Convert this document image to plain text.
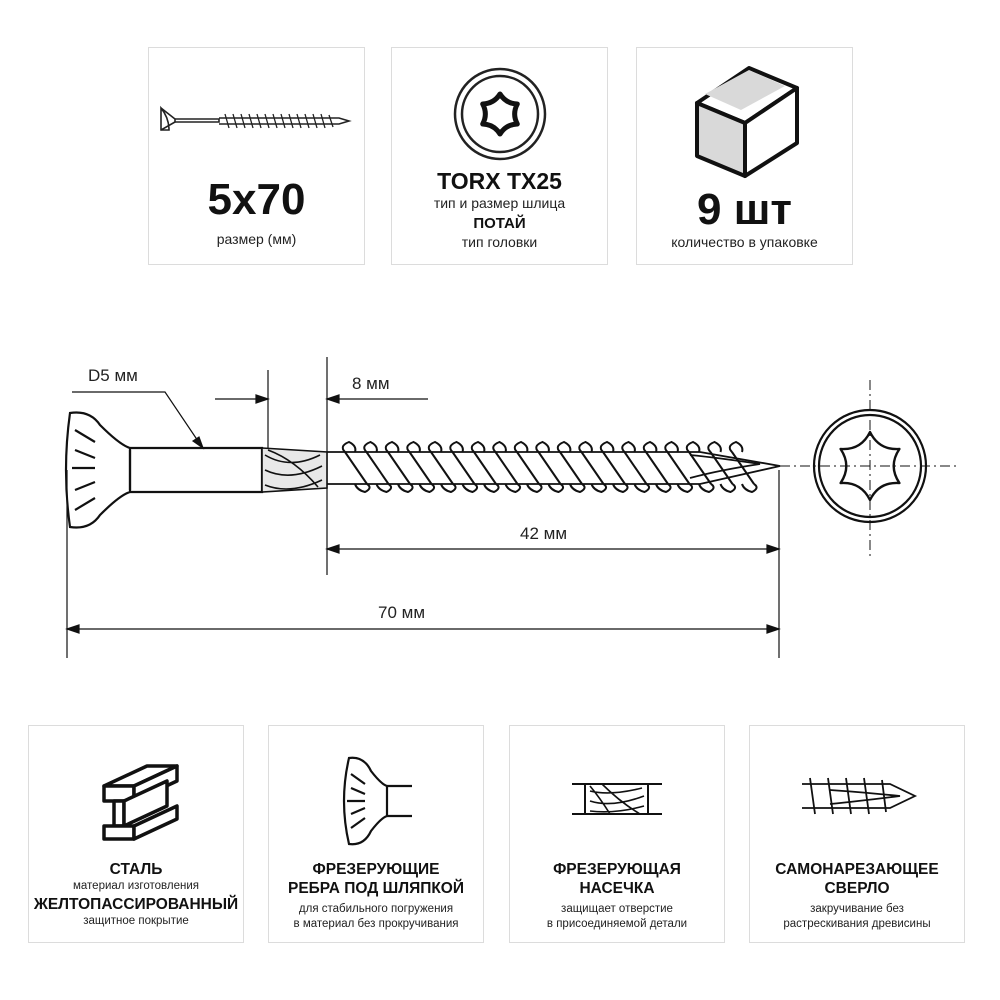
5x70
размер (мм)
TORX TX25
тип и размер шлица
ПОТАЙ
тип головки
9 шт
количество в упаковке
D5 мм	8 мм
42 мм
70 мм
СТАЛЬ
материал изготовления
ЖЕЛТОПАССИРОВАННЫЙ
защитное покрытие
ФРЕЗЕРУЮЩИЕ
РЕБРА ПОД ШЛЯПКОЙ
для стабильного погружения
в материал без прокручивания
ФРЕЗЕРУЮЩАЯ
НАСЕЧКА
защищает отверстие
в присоединяемой детали
САМОНАРЕЗАЮЩЕЕ
СВЕРЛО
закручивание без
растрескивания древисины
